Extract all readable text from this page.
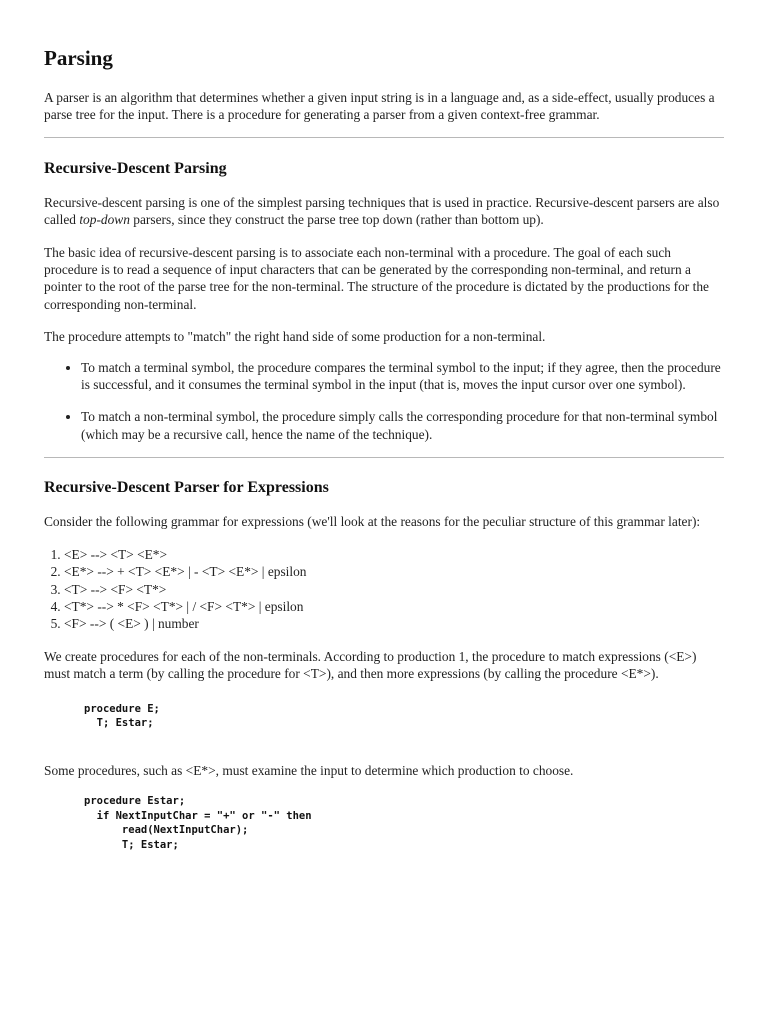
Parsing

A parser is an algorithm that determines whether a given input string is in a language and, as a side-effect, usually produces a parse tree for the input. There is a procedure for generating a parser from a given context-free grammar.

Recursive-Descent Parsing

Recursive-descent parsing is one of the simplest parsing techniques that is used in practice. Recursive-descent parsers are also called top-down parsers, since they construct the parse tree top down (rather than bottom up).

The basic idea of recursive-descent parsing is to associate each non-terminal with a procedure. The goal of each such procedure is to read a sequence of input characters that can be generated by the corresponding non-terminal, and return a pointer to the root of the parse tree for the non-terminal. The structure of the procedure is dictated by the productions for the corresponding non-terminal.

The procedure attempts to "match" the right hand side of some production for a non-terminal.

• To match a terminal symbol, the procedure compares the terminal symbol to the input; if they agree, then the procedure is successful, and it consumes the terminal symbol in the input (that is, moves the input cursor over one symbol).
• To match a non-terminal symbol, the procedure simply calls the corresponding procedure for that non-terminal symbol (which may be a recursive call, hence the name of the technique).
Recursive-Descent Parser for Expressions

Consider the following grammar for expressions (we'll look at the reasons for the peculiar structure of this grammar later):

1. <E> --> <T> <E*>
2. <E*> --> + <T> <E*> | - <T> <E*> | epsilon
3. <T> --> <F> <T*>
4. <T*> --> * <F> <T*> | / <F> <T*> | epsilon
5. <F> --> ( <E> ) | number

We create procedures for each of the non-terminals. According to production 1, the procedure to match expressions (<E>) must match a term (by calling the procedure for <T>), and then more expressions (by calling the procedure <E*>).

procedure E;
T; Estar;

Some procedures, such as <E*>, must examine the input to determine which production to choose.

procedure Estar;
if NextInputChar = "+" or "-" then
read(NextInputChar);
T; Estar;
